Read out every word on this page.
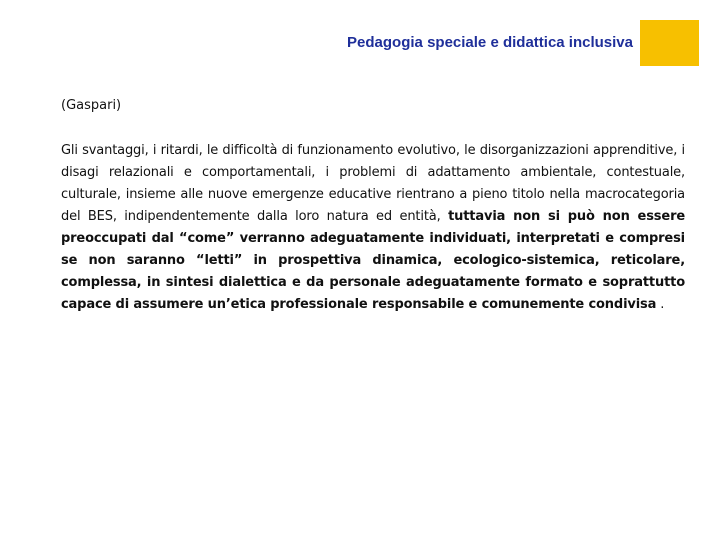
Pedagogia speciale e didattica inclusiva
(Gaspari)

Gli svantaggi, i ritardi, le difficoltà di funzionamento evolutivo, le disorganizzazioni apprenditive, i disagi relazionali e comportamentali, i problemi di adattamento ambientale, contestuale, culturale, insieme alle nuove emergenze educative rientrano a pieno titolo nella macrocategoria del BES, indipendentemente dalla loro natura ed entità, tuttavia non si può non essere preoccupati dal “come” verranno adeguatamente individuati, interpretati e compresi se non saranno “letti” in prospettiva dinamica, ecologico-sistemica, reticolare, complessa, in sintesi dialettica e da personale adeguatamente formato e soprattutto capace di assumere un’etica professionale responsabile e comunemente condivisa .
